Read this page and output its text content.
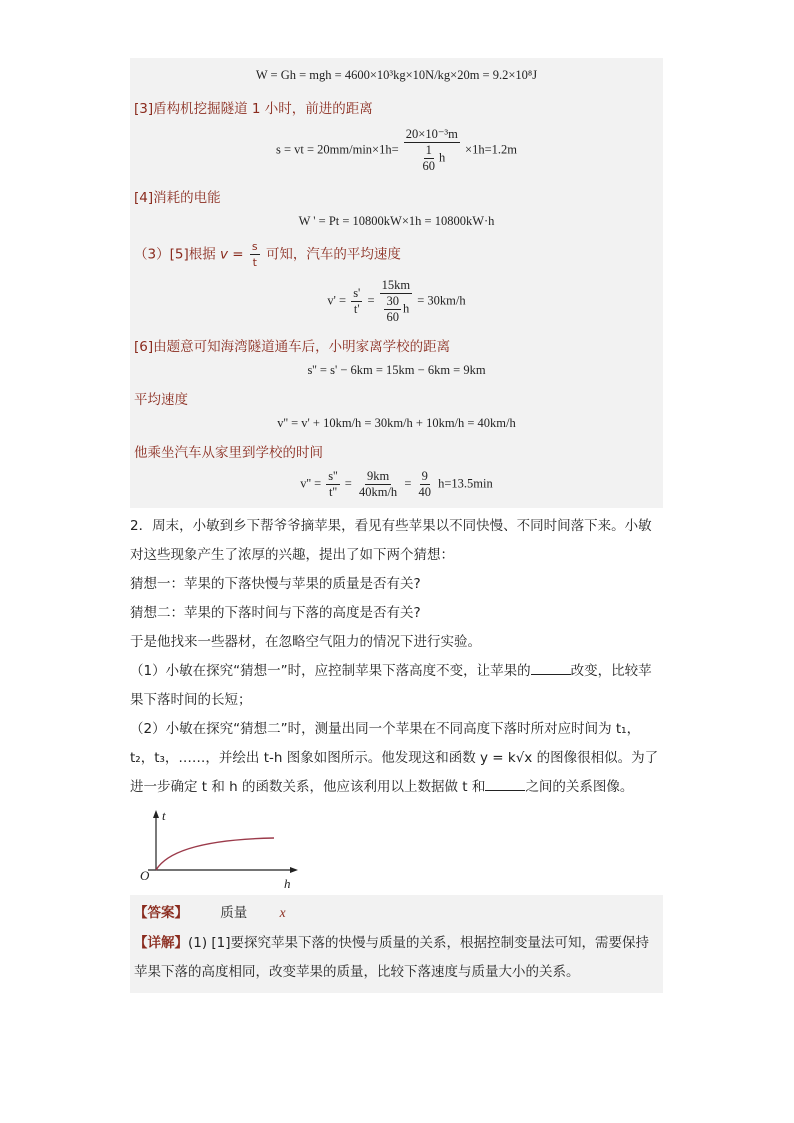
W = Gh = mgh = 4600×10³kg×10N/kg×20m = 9.2×10⁸J
[3]盾构机挖掘隧道 1 小时，前进的距离
s = vt = $20mm/\min\times 1h= \frac{\text{20×10⁻³m}}{\frac{1}{60} h} \times 1h=1.2m$
[4]消耗的电能
W ' = Pt = 10800kW×1h = 10800kW·h
（3）[5]根据 $v = \frac{s}{t}$ 可知，汽车的平均速度
$v' = \frac{s'}{t'} = \frac{15km}{\frac{30}{60} h} = 30km/h$
[6]由题意可知海湾隧道通车后，小明家离学校的距离
s'' = s' − 6km = 15km − 6km = 9km
平均速度
v'' = v' + 10km/h = 30km/h + 10km/h = 40km/h
他乘坐汽车从家里到学校的时间
$v'' = \frac{s''}{t''} = \frac{9km}{40km/h} = \frac{9}{40} h=13.5\min$
2．周末，小敏到乡下帮爷爷摘苹果，看见有些苹果以不同快慢、不同时间落下来。小敏对这些现象产生了浓厚的兴趣，提出了如下两个猜想：
猜想一：苹果的下落快慢与苹果的质量是否有关?
猜想二：苹果的下落时间与下落的高度是否有关?
于是他找来一些器材，在忽略空气阻力的情况下进行实验。
（1）小敏在探究“猜想一”时，应控制苹果下落高度不变，让苹果的	改变，比较苹果下落时间的长短；
（2）小敏在探究“猜想二”时，测量出同一个苹果在不同高度下落时所对应时间为 t₁，t₂，t₃，……，并绘出 t-h 图象如图所示。他发现这和函数 y = k√x 的图像很相似。为了进一步确定 t 和 h 的函数关系，他应该利用以上数据做 t 和	之间的关系图像。
t
h
O
【答案】 质量 x
【详解】(1) [1]要探究苹果下落的快慢与质量的关系，根据控制变量法可知，需要保持苹果下落的高度相同，改变苹果的质量，比较下落速度与质量大小的关系。
